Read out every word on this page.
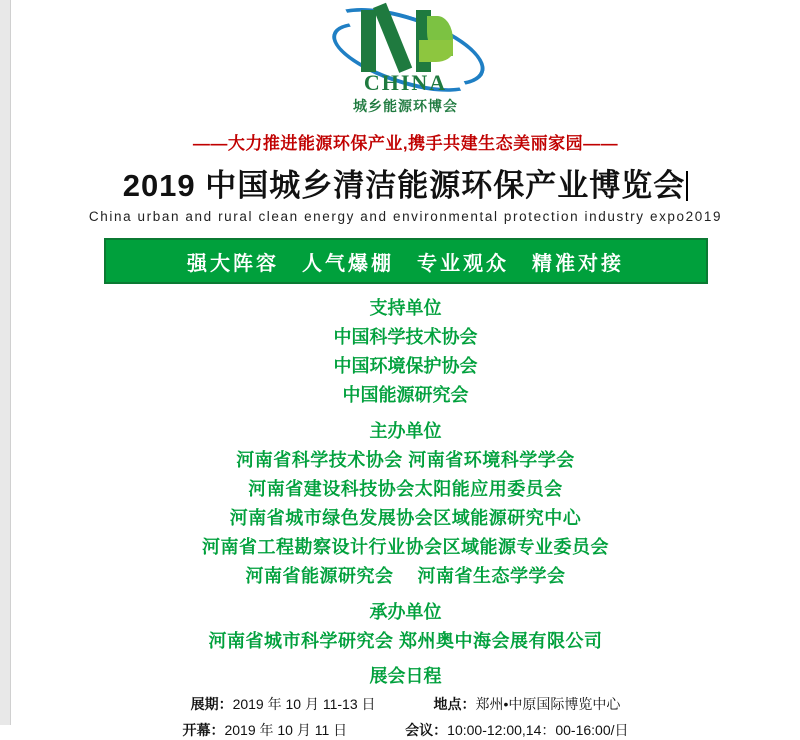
CHINA
城乡能源环博会
——大力推进能源环保产业,携手共建生态美丽家园——
2019 中国城乡清洁能源环保产业博览会
China urban and rural clean energy and environmental protection industry expo2019
强大阵容　人气爆棚　专业观众　精准对接
支持单位
中国科学技术协会
中国环境保护协会
中国能源研究会
主办单位
河南省科学技术协会 河南省环境科学学会
河南省建设科技协会太阳能应用委员会
河南省城市绿色发展协会区域能源研究中心
河南省工程勘察设计行业协会区域能源专业委员会
河南省能源研究会　 河南省生态学学会
承办单位
河南省城市科学研究会 郑州奥中海会展有限公司
展会日程
展期：2019 年 10 月 11-13 日	地点：郑州•中原国际博览中心
开幕：2019 年 10 月 11 日	会议：10:00-12:00,14：00-16:00/日
